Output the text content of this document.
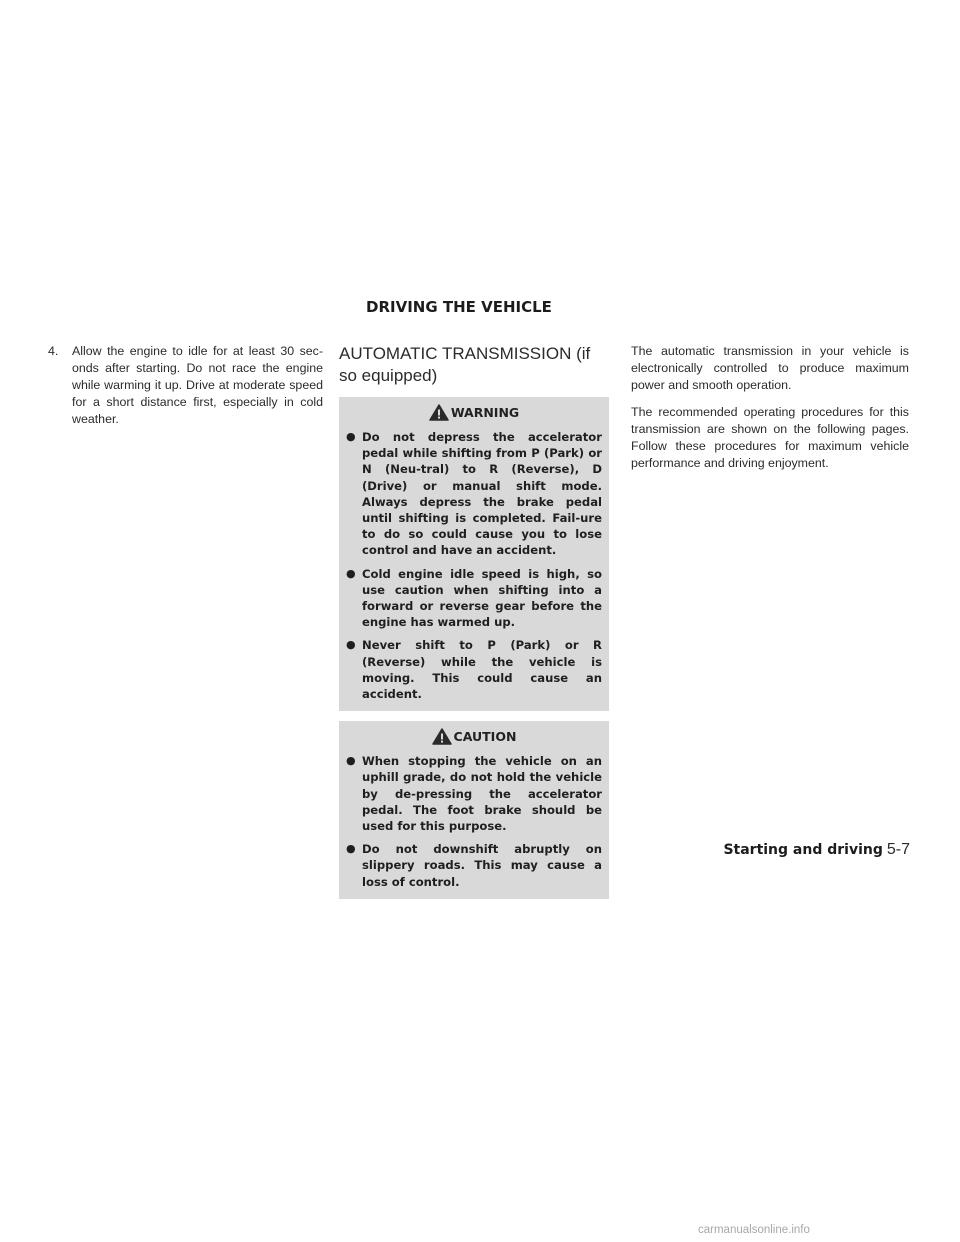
DRIVING THE VEHICLE
4.	Allow the engine to idle for at least 30 sec-onds after starting. Do not race the engine while warming it up. Drive at moderate speed for a short distance first, especially in cold weather.
AUTOMATIC TRANSMISSION (if so equipped)
WARNING
● Do not depress the accelerator pedal while shifting from P (Park) or N (Neu-tral) to R (Reverse), D (Drive) or manual shift mode. Always depress the brake pedal until shifting is completed. Fail-ure to do so could cause you to lose control and have an accident.
● Cold engine idle speed is high, so use caution when shifting into a forward or reverse gear before the engine has warmed up.
● Never shift to P (Park) or R (Reverse) while the vehicle is moving. This could cause an accident.
CAUTION
● When stopping the vehicle on an uphill grade, do not hold the vehicle by de-pressing the accelerator pedal. The foot brake should be used for this purpose.
● Do not downshift abruptly on slippery roads. This may cause a loss of control.

The automatic transmission in your vehicle is electronically controlled to produce maximum power and smooth operation.

The recommended operating procedures for this transmission are shown on the following pages. Follow these procedures for maximum vehicle performance and driving enjoyment.

Starting and driving 5-7
carmanualsonline.info
